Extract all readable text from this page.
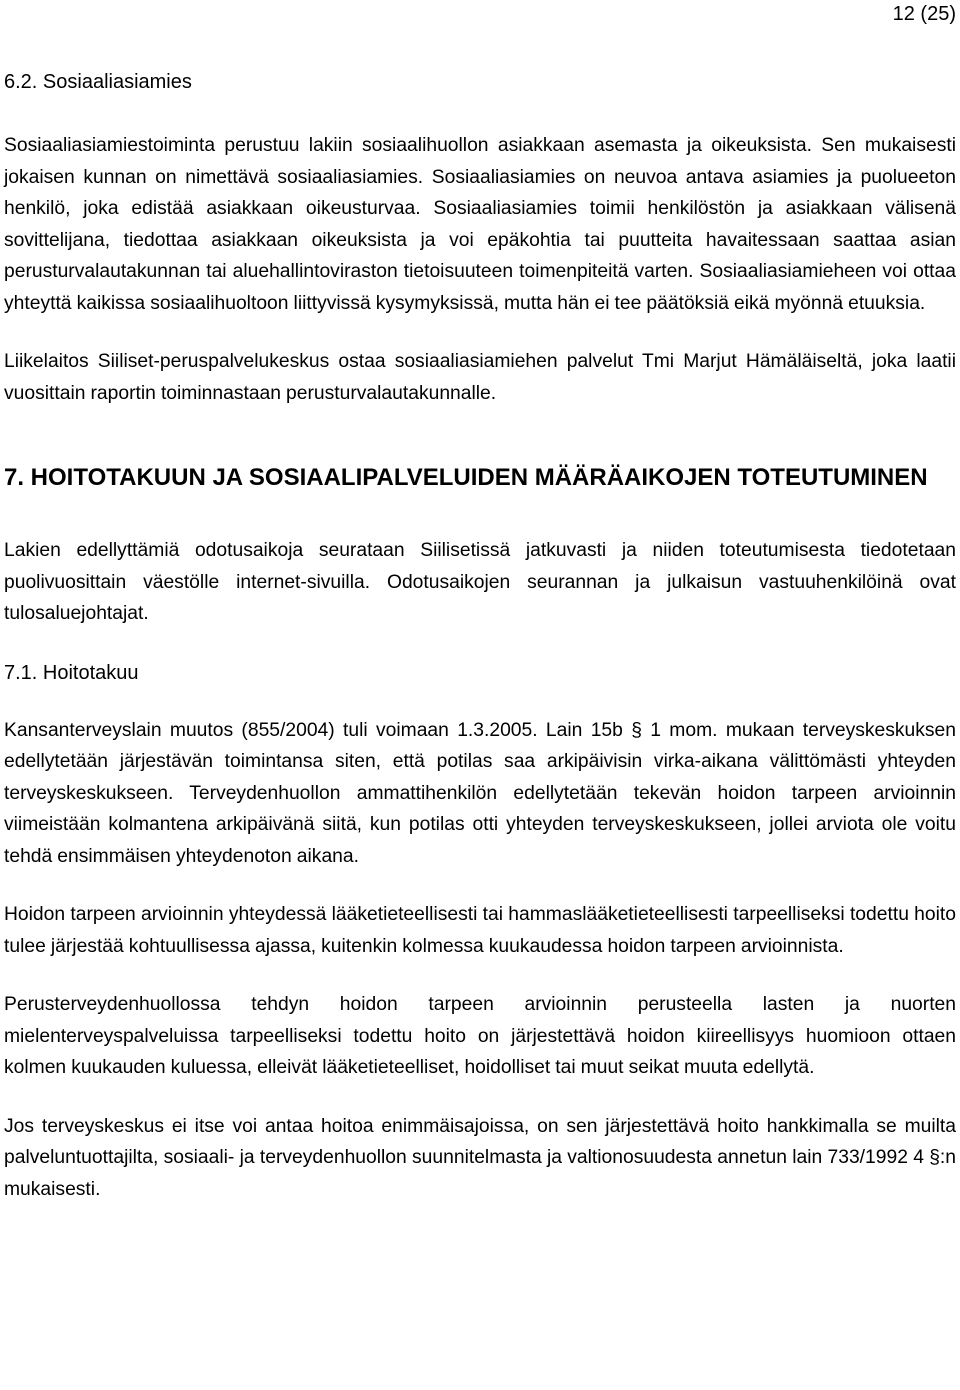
12 (25)
6.2. Sosiaaliasiamies

Sosiaaliasiamiestoiminta perustuu lakiin sosiaalihuollon asiakkaan asemasta ja oikeuksista. Sen mukaisesti jokaisen kunnan on nimettävä sosiaaliasiamies. Sosiaaliasiamies on neuvoa antava asiamies ja puolueeton henkilö, joka edistää asiakkaan oikeusturvaa. Sosiaaliasiamies toimii henkilöstön ja asiakkaan välisenä sovittelijana, tiedottaa asiakkaan oikeuksista ja voi epäkohtia tai puutteita havaitessaan saattaa asian perusturvalautakunnan tai aluehallintoviraston tietoisuuteen toimenpiteitä varten. Sosiaaliasiamieheen voi ottaa yhteyttä kaikissa sosiaalihuoltoon liittyvissä kysymyksissä, mutta hän ei tee päätöksiä eikä myönnä etuuksia.

Liikelaitos Siiliset-peruspalvelukeskus ostaa sosiaaliasiamiehen palvelut Tmi Marjut Hämäläiseltä, joka laatii vuosittain raportin toiminnastaan perusturvalautakunnalle.

7. HOITOTAKUUN JA SOSIAALIPALVELUIDEN MÄÄRÄAIKOJEN TOTEUTUMINEN

Lakien edellyttämiä odotusaikoja seurataan Siilisetissä jatkuvasti ja niiden toteutumisesta tiedotetaan puolivuosittain väestölle internet-sivuilla. Odotusaikojen seurannan ja julkaisun vastuuhenkilöinä ovat tulosaluejohtajat.

7.1. Hoitotakuu

Kansanterveyslain muutos (855/2004) tuli voimaan 1.3.2005. Lain 15b § 1 mom. mukaan terveyskeskuksen edellytetään järjestävän toimintansa siten, että potilas saa arkipäivisin virka-aikana välittömästi yhteyden terveyskeskukseen. Terveydenhuollon ammattihenkilön edellytetään tekevän hoidon tarpeen arvioinnin viimeistään kolmantena arkipäivänä siitä, kun potilas otti yhteyden terveyskeskukseen, jollei arviota ole voitu tehdä ensimmäisen yhteydenoton aikana.

Hoidon tarpeen arvioinnin yhteydessä lääketieteellisesti tai hammaslääketieteellisesti tarpeelliseksi todettu hoito tulee järjestää kohtuullisessa ajassa, kuitenkin kolmessa kuukaudessa hoidon tarpeen arvioinnista.

Perusterveydenhuollossa tehdyn hoidon tarpeen arvioinnin perusteella lasten ja nuorten mielenterveyspalveluissa tarpeelliseksi todettu hoito on järjestettävä hoidon kiireellisyys huomioon ottaen kolmen kuukauden kuluessa, elleivät lääketieteelliset, hoidolliset tai muut seikat muuta edellytä.

Jos terveyskeskus ei itse voi antaa hoitoa enimmäisajoissa, on sen järjestettävä hoito hankkimalla se muilta palveluntuottajilta, sosiaali- ja terveydenhuollon suunnitelmasta ja valtionosuudesta annetun lain 733/1992 4 §:n mukaisesti.
